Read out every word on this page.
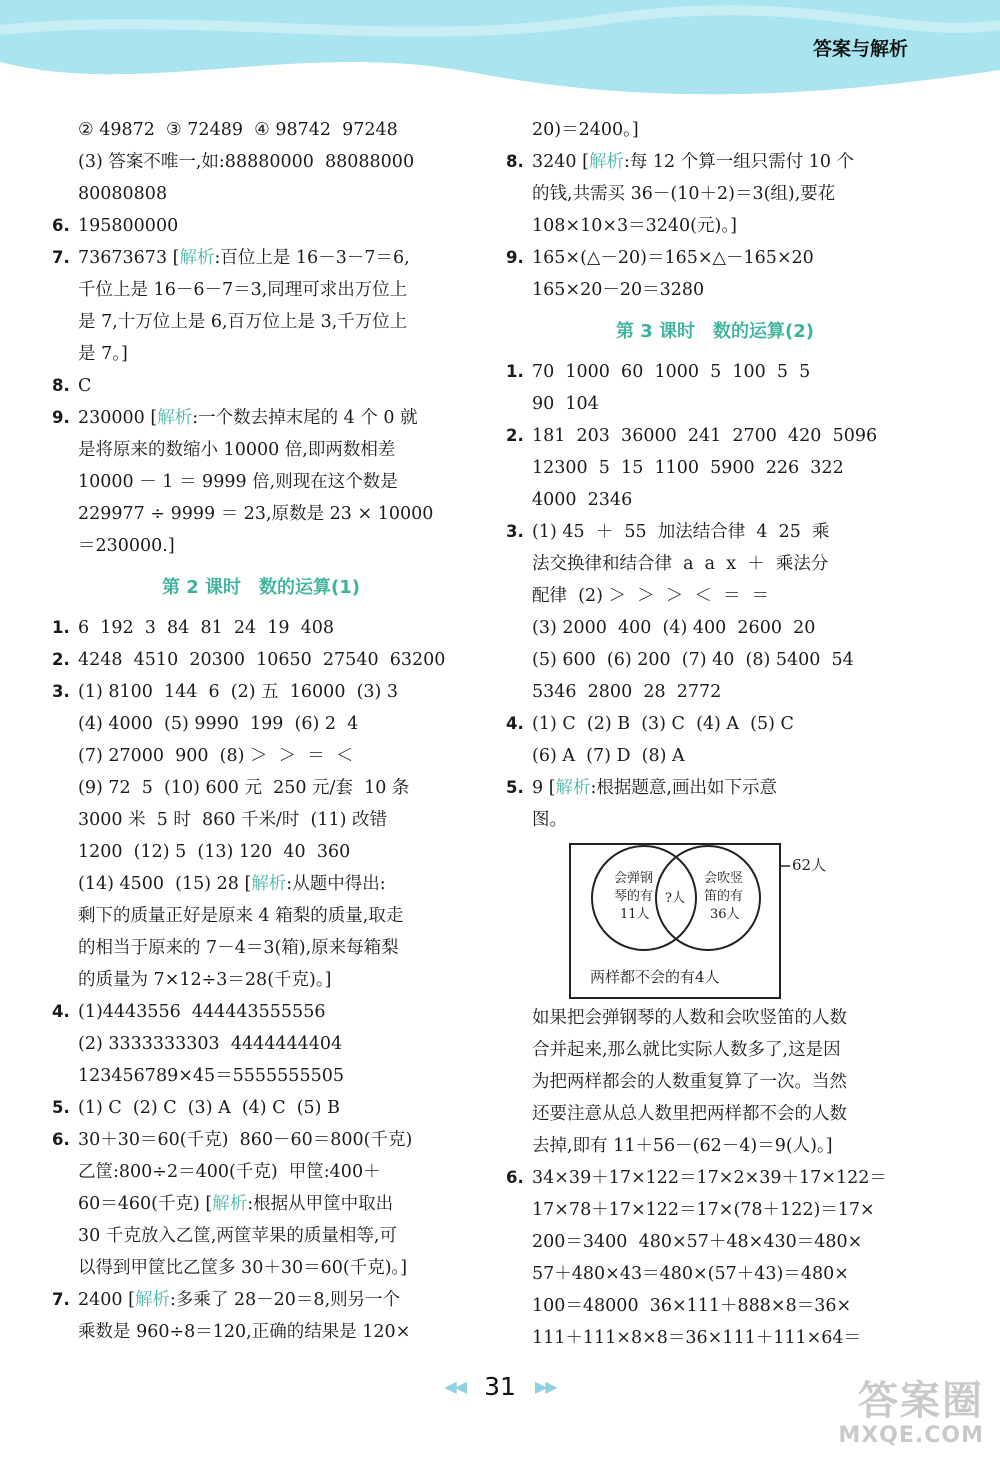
答案与解析
② 49872  ③ 72489  ④ 98742  97248
(3) 答案不唯一,如:88880000  88088000
80080808
6. 195800000
7. 73673673 [解析:百位上是 16－3－7＝6,
千位上是 16－6－7＝3,同理可求出万位上
是 7,十万位上是 6,百万位上是 3,千万位上
是 7。]
8. C
9. 230000 [解析:一个数去掉末尾的 4 个 0 就
是将原来的数缩小 10000 倍,即两数相差
10000 － 1 ＝ 9999 倍,则现在这个数是
229977 ÷ 9999 ＝ 23,原数是 23 × 10000
＝230000.]
第 2 课时　数的运算(1)
1. 6  192  3  84  81  24  19  408
2. 4248  4510  20300  10650  27540  63200
3. (1) 8100  144  6  (2) 五  16000  (3) 3
(4) 4000  (5) 9990  199  (6) 2  4
(7) 27000  900  (8) ＞  ＞  ＝  ＜
(9) 72  5  (10) 600 元  250 元/套  10 条
3000 米  5 时  860 千米/时  (11) 改错
1200  (12) 5  (13) 120  40  360
(14) 4500  (15) 28 [解析:从题中得出:
剩下的质量正好是原来 4 箱梨的质量,取走
的相当于原来的 7－4＝3(箱),原来每箱梨
的质量为 7×12÷3＝28(千克)。]
4. (1)4443556  444443555556
(2) 3333333303  4444444404
123456789×45＝5555555505
5. (1) C  (2) C  (3) A  (4) C  (5) B
6. 30＋30＝60(千克)  860－60＝800(千克)
乙筐:800÷2＝400(千克)  甲筐:400＋
60＝460(千克) [解析:根据从甲筐中取出
30 千克放入乙筐,两筐苹果的质量相等,可
以得到甲筐比乙筐多 30＋30＝60(千克)。]
7. 2400 [解析:多乘了 28－20＝8,则另一个
乘数是 960÷8＝120,正确的结果是 120×
20)＝2400。]
8. 3240 [解析:每 12 个算一组只需付 10 个
的钱,共需买 36－(10＋2)＝3(组),要花
108×10×3＝3240(元)。]
9. 165×(△－20)＝165×△－165×20
165×20－20＝3280
第 3 课时　数的运算(2)
1. 70  1000  60  1000  5  100  5  5
90  104
2. 181  203  36000  241  2700  420  5096
12300  5  15  1100  5900  226  322
4000  2346
3. (1) 45  ＋  55  加法结合律  4  25  乘
法交换律和结合律  a  a  x  ＋  乘法分
配律  (2) ＞  ＞  ＞  ＜  ＝  ＝
(3) 2000  400  (4) 400  2600  20
(5) 600  (6) 200  (7) 40  (8) 5400  54
5346  2800  28  2772
4. (1) C  (2) B  (3) C  (4) A  (5) C
(6) A  (7) D  (8) A
5. 9 [解析:根据题意,画出如下示意
图。
会弹钢
琴的有
11人
?人
会吹竖
笛的有
36人
62人
两样都不会的有4人
如果把会弹钢琴的人数和会吹竖笛的人数
合并起来,那么就比实际人数多了,这是因
为把两样都会的人数重复算了一次。当然
还要注意从总人数里把两样都不会的人数
去掉,即有 11＋56－(62－4)＝9(人)。]
6. 34×39＋17×122＝17×2×39＋17×122＝
17×78＋17×122＝17×(78＋122)＝17×
200＝3400  480×57＋48×430＝480×
57＋480×43＝480×(57＋43)＝480×
100＝48000  36×111＋888×8＝36×
111＋111×8×8＝36×111＋111×64＝
◀◀ 31 ▶▶	答案圈
MXQE.COM
